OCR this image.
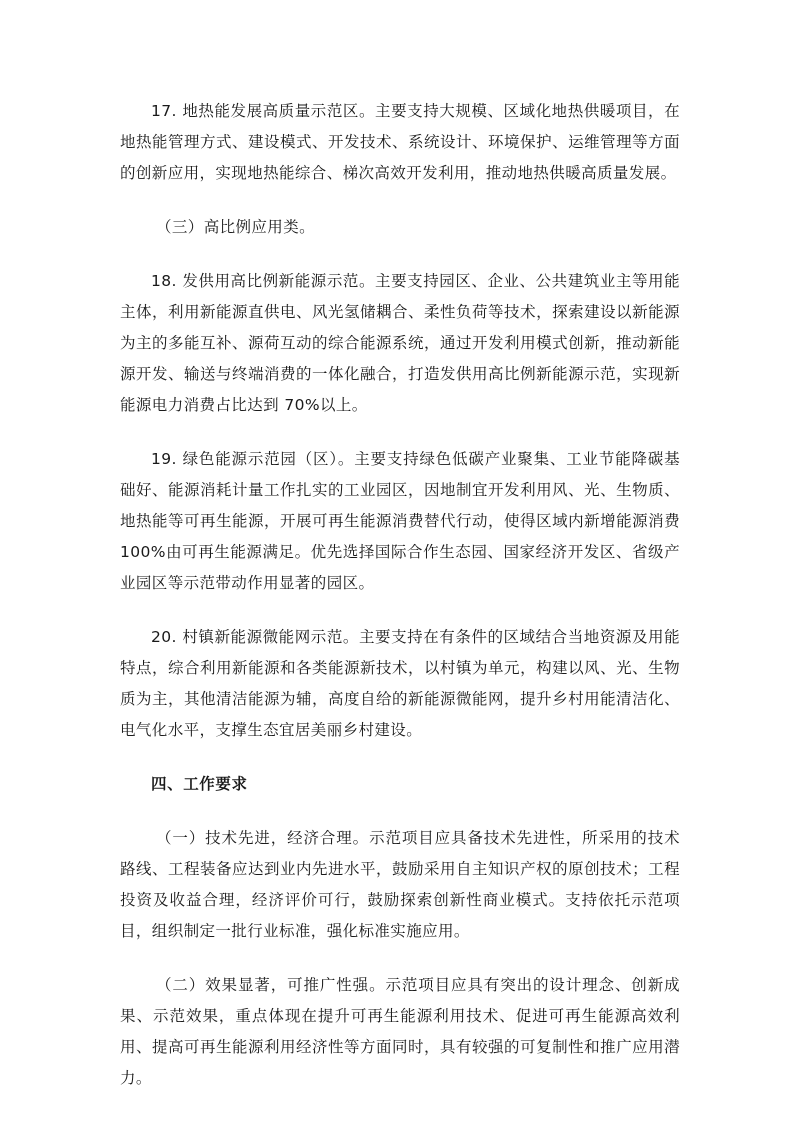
17. 地热能发展高质量示范区。主要支持大规模、区域化地热供暖项目，在地热能管理方式、建设模式、开发技术、系统设计、环境保护、运维管理等方面的创新应用，实现地热能综合、梯次高效开发利用，推动地热供暖高质量发展。

（三）高比例应用类。

18. 发供用高比例新能源示范。主要支持园区、企业、公共建筑业主等用能主体，利用新能源直供电、风光氢储耦合、柔性负荷等技术，探索建设以新能源为主的多能互补、源荷互动的综合能源系统，通过开发利用模式创新，推动新能源开发、输送与终端消费的一体化融合，打造发供用高比例新能源示范，实现新能源电力消费占比达到 70%以上。

19. 绿色能源示范园（区）。主要支持绿色低碳产业聚集、工业节能降碳基础好、能源消耗计量工作扎实的工业园区，因地制宜开发利用风、光、生物质、地热能等可再生能源，开展可再生能源消费替代行动，使得区域内新增能源消费 100%由可再生能源满足。优先选择国际合作生态园、国家经济开发区、省级产业园区等示范带动作用显著的园区。

20. 村镇新能源微能网示范。主要支持在有条件的区域结合当地资源及用能特点，综合利用新能源和各类能源新技术，以村镇为单元，构建以风、光、生物质为主，其他清洁能源为辅，高度自给的新能源微能网，提升乡村用能清洁化、电气化水平，支撑生态宜居美丽乡村建设。

四、工作要求

（一）技术先进，经济合理。示范项目应具备技术先进性，所采用的技术路线、工程装备应达到业内先进水平，鼓励采用自主知识产权的原创技术；工程投资及收益合理，经济评价可行，鼓励探索创新性商业模式。支持依托示范项目，组织制定一批行业标准，强化标准实施应用。

（二）效果显著，可推广性强。示范项目应具有突出的设计理念、创新成果、示范效果，重点体现在提升可再生能源利用技术、促进可再生能源高效利用、提高可再生能源利用经济性等方面同时，具有较强的可复制性和推广应用潜力。
